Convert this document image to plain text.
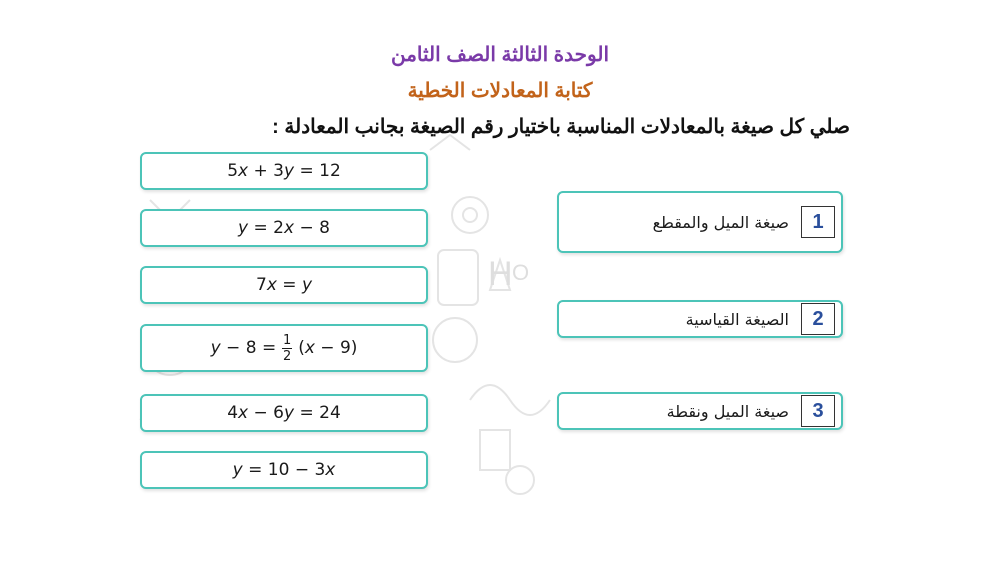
H O
الوحدة الثالثة الصف الثامن
كتابة المعادلات الخطية
صلي كل صيغة بالمعادلات المناسبة باختيار رقم الصيغة بجانب المعادلة :
5 x
+
3 y
=
12
y
=
2 x
−
8
7 x
=
y
y
−
8
= $\frac{1}{2}$ ( x
−
9 )
4 x
−
6 y
=
24
y
=
10
−
3 x
صيغة الميل والمقطع	1
الصيغة القياسية	2
صيغة الميل ونقطة	3
